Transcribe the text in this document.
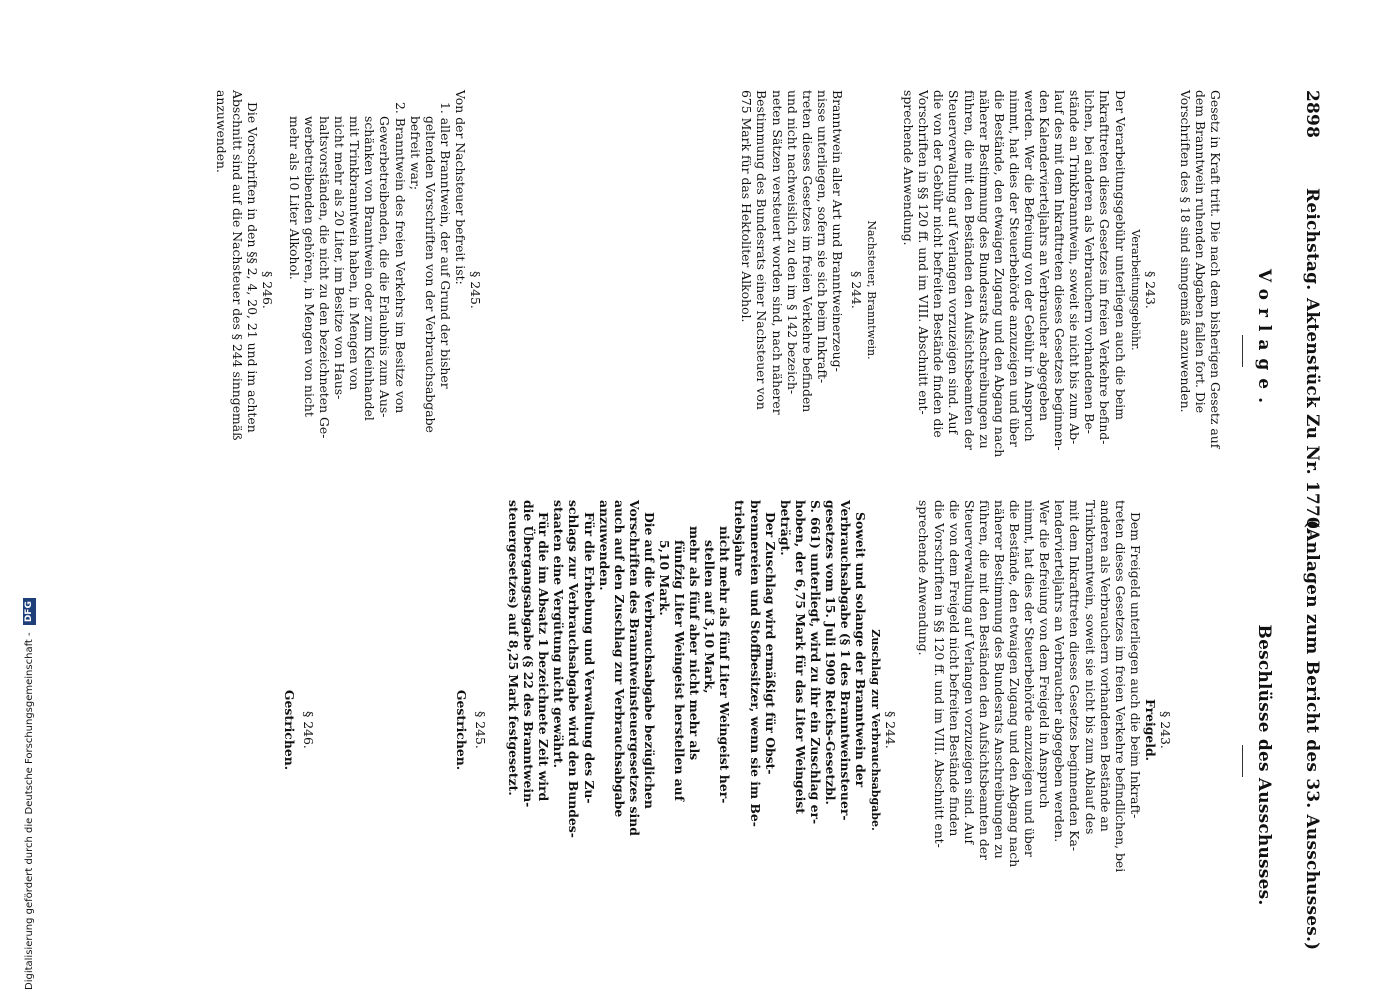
2898
Reichstag.
Aktenstück Zu Nr. 1770.
(Anlagen zum Bericht des 33. Ausschusses.)
Vorlage.
Beschlüsse des Ausschusses.

Gesetz in Kraft tritt. Die nach dem bisherigen Gesetz auf

dem Branntwein ruhenden Abgaben fallen fort. Die

Vorschriften des § 18 sind sinngemäß anzuwenden.

§ 243.
Verarbeitungsgebühr.

Der Verarbeitungsgebühr unterliegen auch die beim

Inkrafttreten dieses Gesetzes im freien Verkehre befind-

lichen, bei anderen als Verbrauchern vorhandenen Be-

stände an Trinkbranntwein, soweit sie nicht bis zum Ab-

lauf des mit dem Inkrafttreten dieses Gesetzes beginnen-

den Kalendervierteljahrs an Verbraucher abgegeben

werden. Wer die Befreiung von der Gebühr in Anspruch

nimmt, hat dies der Steuerbehörde anzuzeigen und über

die Bestände, den etwaigen Zugang und den Abgang nach

näherer Bestimmung des Bundesrats Anschreibungen zu

führen, die mit den Beständen den Aufsichtsbeamten der

Steuerverwaltung auf Verlangen vorzuzeigen sind. Auf

die von der Gebühr nicht befreiten Bestände finden die

Vorschriften in §§ 120 ff. und im VIII. Abschnitt ent-

sprechende Anwendung.

Nachsteuer, Branntwein.
§ 244.

Branntwein aller Art und Branntweinerzeug-

nisse unterliegen, sofern sie sich beim Inkraft-

treten dieses Gesetzes im freien Verkehre befinden

und nicht nachweislich zu den im § 142 bezeich-

neten Sätzen versteuert worden sind, nach näherer

Bestimmung des Bundesrats einer Nachsteuer von

675 Mark für das Hektoliter Alkohol.

§ 245.

Von der Nachsteuer befreit ist:

1. aller Branntwein, der auf Grund der bisher

geltenden Vorschriften von der Verbrauchsabgabe

befreit war;

2. Branntwein des freien Verkehrs im Besitze von

Gewerbetreibenden, die die Erlaubnis zum Aus-

schänken von Branntwein oder zum Kleinhandel

mit Trinkbranntwein haben, in Mengen von

nicht mehr als 20 Liter, im Besitze von Haus-

haltsvorständen, die nicht zu den bezeichneten Ge-

werbetreibenden gehören, in Mengen von nicht

mehr als 10 Liter Alkohol.

§ 246.

Die Vorschriften in den §§ 2, 4, 20, 21 und im achten

Abschnitt sind auf die Nachsteuer des § 244 sinngemäß

anzuwenden.

§ 243.
Freigeld.

Dem Freigeld unterliegen auch die beim Inkraft-

treten dieses Gesetzes im freien Verkehre befindlichen, bei

anderen als Verbrauchern vorhandenen Bestände an

Trinkbranntwein, soweit sie nicht bis zum Ablauf des

mit dem Inkrafttreten dieses Gesetzes beginnenden Ka-

lendervierteljahrs an Verbraucher abgegeben werden.

Wer die Befreiung von dem Freigeld in Anspruch

nimmt, hat dies der Steuerbehörde anzuzeigen und über

die Bestände, den etwaigen Zugang und den Abgang nach

näherer Bestimmung des Bundesrats Anschreibungen zu

führen, die mit den Beständen den Aufsichtsbeamten der

Steuerverwaltung auf Verlangen vorzuzeigen sind. Auf

die von dem Freigeld nicht befreiten Bestände finden

die Vorschriften in §§ 120 ff. und im VIII. Abschnitt ent-

sprechende Anwendung.

§ 244.
Zuschlag zur Verbrauchsabgabe.

Soweit und solange der Branntwein der

Verbrauchsabgabe (§ 1 des Branntweinsteuer-

gesetzes vom 15. Juli 1909 Reichs-Gesetzbl.

S. 661) unterliegt, wird zu ihr ein Zuschlag er-

hoben, der 6,75 Mark für das Liter Weingeist

beträgt.

Der Zuschlag wird ermäßigt für Obst-

brennereien und Stoffbesitzer, wenn sie im Be-

triebsjahre

nicht mehr als fünf Liter Weingeist her-

stellen auf 3,10 Mark,

mehr als fünf aber nicht mehr als

fünfzig Liter Weingeist herstellen auf

5,10 Mark.

Die auf die Verbrauchsabgabe bezüglichen

Vorschriften des Branntweinsteuergesetzes sind

auch auf den Zuschlag zur Verbrauchsabgabe

anzuwenden.

Für die Erhebung und Verwaltung des Zu-

schlags zur Verbrauchsabgabe wird den Bundes-

staaten eine Vergütung nicht gewährt.

Für die im Absatz 1 bezeichnete Zeit wird

die Übergangsabgabe (§ 22 des Branntwein-

steuergesetzes) auf 8,25 Mark festgesetzt.

§ 245.
Gestrichen.
§ 246.
Gestrichen.
Digitalisierung gefördert durch die Deutsche Forschungsgemeinschaft - DFG
